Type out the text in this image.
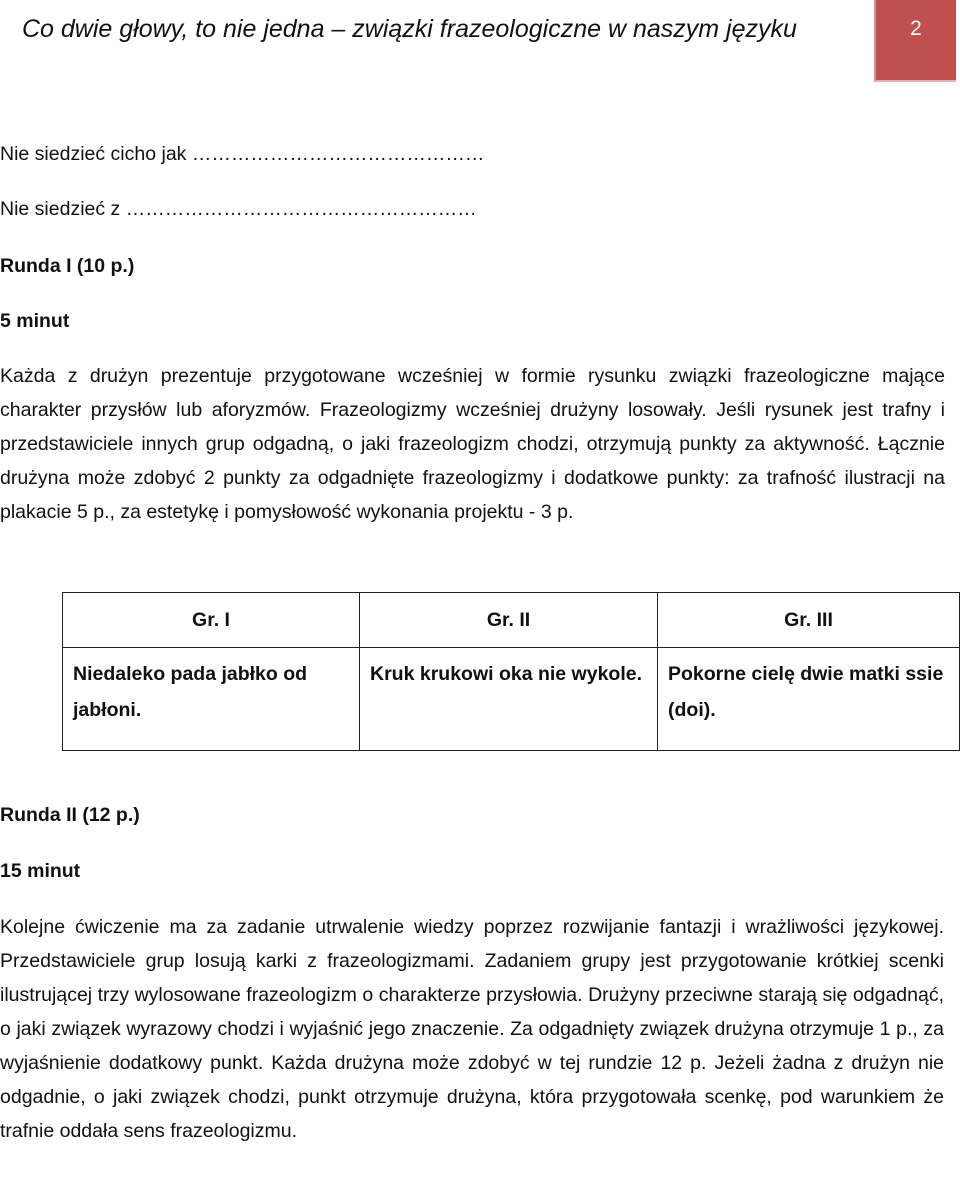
Co dwie głowy, to nie jedna – związki frazeologiczne w naszym języku	2
Nie siedzieć cicho jak ………………………………………
Nie siedzieć z ………………………………………………
Runda I (10 p.)
5 minut
Każda z drużyn prezentuje przygotowane wcześniej w formie rysunku związki frazeologiczne mające charakter przysłów lub aforyzmów. Frazeologizmy wcześniej drużyny losowały. Jeśli rysunek jest trafny i przedstawiciele innych grup odgadną, o jaki frazeologizm chodzi, otrzymują punkty za aktywność. Łącznie drużyna może zdobyć 2 punkty za odgadnięte frazeologizmy i dodatkowe punkty: za trafność ilustracji na plakacie 5 p., za estetykę i pomysłowość wykonania projektu - 3 p.
Gr. I	Gr. II	Gr. III
Niedaleko pada jabłko od jabłoni.	Kruk krukowi oka nie wykole.	Pokorne cielę dwie matki ssie (doi).
Runda II (12 p.)
15 minut
Kolejne ćwiczenie ma za zadanie utrwalenie wiedzy poprzez rozwijanie fantazji i wrażliwości językowej. Przedstawiciele grup losują karki z frazeologizmami. Zadaniem grupy jest przygotowanie krótkiej scenki ilustrującej trzy wylosowane frazeologizm o charakterze przysłowia. Drużyny przeciwne starają się odgadnąć, o jaki związek wyrazowy chodzi i wyjaśnić jego znaczenie. Za odgadnięty związek drużyna otrzymuje 1 p., za wyjaśnienie dodatkowy punkt. Każda drużyna może zdobyć w tej rundzie 12 p. Jeżeli żadna z drużyn nie odgadnie, o jaki związek chodzi, punkt otrzymuje drużyna, która przygotowała scenkę, pod warunkiem że trafnie oddała sens frazeologizmu.
